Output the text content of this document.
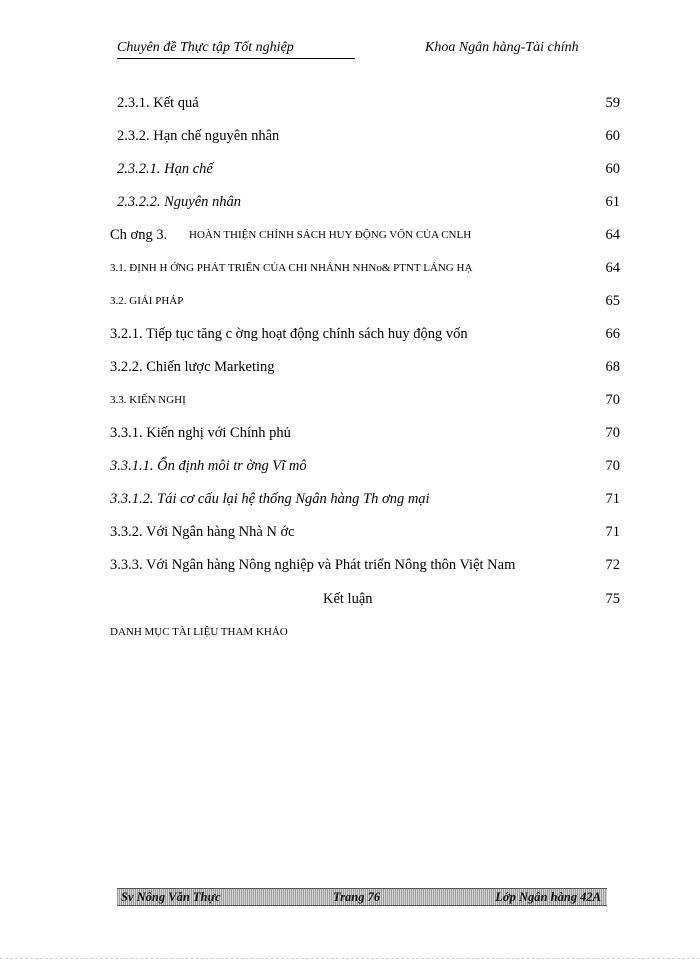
Chuyên đề Thực tập Tốt nghiệp	Khoa Ngân hàng-Tài chính
2.3.1. Kết quả	59
2.3.2. Hạn chế nguyên nhân	60
2.3.2.1. Hạn chế	60
2.3.2.2. Nguyên nhân	61
Ch ơng 3. HOÀN THIỆN CHÍNH SÁCH HUY ĐỘNG VỐN CỦA CNLH	64
3.1. ĐỊNH H ỚNG PHÁT TRIỂN CỦA CHI NHÁNH NHNo& PTNT LÁNG HẠ	64
3.2. GIẢI PHÁP	65
3.2.1. Tiếp tục tăng c ờng hoạt động chính sách huy động vốn	66
3.2.2. Chiến lược Marketing	68
3.3. KIẾN NGHỊ	70
3.3.1. Kiến nghị với Chính phủ	70
3.3.1.1. Ổn định môi tr ờng Vĩ mô	70
3.3.1.2. Tái cơ cấu lại hệ thống Ngân hàng Th ơng mại	71
3.3.2. Với Ngân hàng Nhà N ớc	71
3.3.3. Với Ngân hàng Nông nghiệp và Phát triển Nông thôn Việt Nam	72
Kết luận	75
DANH MỤC TÀI LIỆU THAM KHẢO
Sv Nông Văn Thực	Trang 76	Lớp Ngân hàng 42A
